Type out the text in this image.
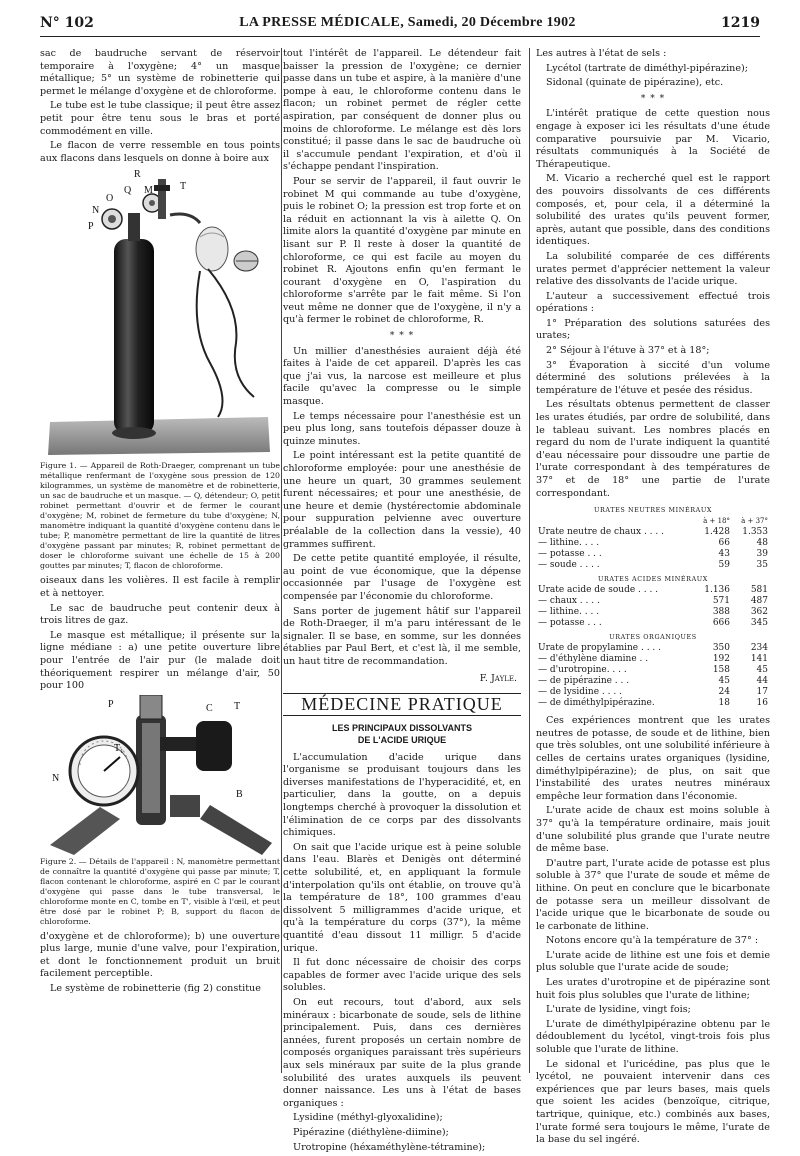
N° 102	LA PRESSE MÉDICALE, Samedi, 20 Décembre 1902	1219

sac de baudruche servant de réservoir temporaire à l'oxygène; 4° un masque métallique; 5° un système de robinetterie qui permet le mélange d'oxygène et de chloroforme.

Le tube est le tube classique; il peut être assez petit pour être tenu sous le bras et porté commodément en ville.

Le flacon de verre ressemble en tous points aux flacons dans lesquels on donne à boire aux

R
M
Q
O
T
N
P
Figure 1. — Appareil de Roth-Draeger, comprenant un tube métallique renfermant de l'oxygène sous pression de 120 kilogrammes, un système de manomètre et de robinetterie, un sac de baudruche et un masque. — Q, détendeur; O, petit robinet permettant d'ouvrir et de fermer le courant d'oxygène; M, robinet de fermeture du tube d'oxygène; N, manomètre indiquant la quantité d'oxygène contenu dans le tube; P, manomètre permettant de lire la quantité de litres d'oxygène passant par minutes; R, robinet permettant de doser le chloroforme suivant une échelle de 15 à 200 gouttes par minutes; T, flacon de chloroforme.

oiseaux dans les volières. Il est facile à remplir et à nettoyer.

Le sac de baudruche peut contenir deux à trois litres de gaz.

Le masque est métallique; il présente sur la ligne médiane : a) une petite ouverture libre pour l'entrée de l'air pur (le malade doit théoriquement respirer un mélange d'air, 50 pour 100

P	C T
T₁
N
B
Figure 2. — Détails de l'appareil : N, manomètre permettant de connaître la quantité d'oxygène qui passe par minute; T, flacon contenant le chloroforme, aspiré en C par le courant d'oxygène qui passe dans le tube transversal, le chloroforme monte en C, tombe en T', visible à l'œil, et peut être dosé par le robinet P; B, support du flacon de chloroforme.

d'oxygène et de chloroforme); b) une ouverture plus large, munie d'une valve, pour l'expiration, et dont le fonctionnement produit un bruit facilement perceptible.

Le système de robinetterie (fig 2) constitue

tout l'intérêt de l'appareil. Le détendeur fait baisser la pression de l'oxygène; ce dernier passe dans un tube et aspire, à la manière d'une pompe à eau, le chloroforme contenu dans le flacon; un robinet permet de régler cette aspiration, par conséquent de donner plus ou moins de chloroforme. Le mélange est dès lors constitué; il passe dans le sac de baudruche où il s'accumule pendant l'expiration, et d'où il s'échappe pendant l'inspiration.

Pour se servir de l'appareil, il faut ouvrir le robinet M qui commande au tube d'oxygène, puis le robinet O; la pression est trop forte et on la réduit en actionnant la vis à ailette Q. On limite alors la quantité d'oxygène par minute en lisant sur P. Il reste à doser la quantité de chloroforme, ce qui est facile au moyen du robinet R. Ajoutons enfin qu'en fermant le courant d'oxygène en O, l'aspiration du chloroforme s'arrête par le fait même. Si l'on veut même ne donner que de l'oxygène, il n'y a qu'à fermer le robinet de chloroforme, R.

* * *

Un millier d'anesthésies auraient déjà été faites à l'aide de cet appareil. D'après les cas que j'ai vus, la narcose est meilleure et plus facile qu'avec la compresse ou le simple masque.

Le temps nécessaire pour l'anesthésie est un peu plus long, sans toutefois dépasser douze à quinze minutes.

Le point intéressant est la petite quantité de chloroforme employée: pour une anesthésie de une heure un quart, 30 grammes seulement furent nécessaires; et pour une anesthésie, de une heure et demie (hystérectomie abdominale pour suppuration pelvienne avec ouverture préalable de la collection dans la vessie), 40 grammes suffirent.

De cette petite quantité employée, il résulte, au point de vue économique, que la dépense occasionnée par l'usage de l'oxygène est compensée par l'économie du chloroforme.

Sans porter de jugement hâtif sur l'appareil de Roth-Draeger, il m'a paru intéressant de le signaler. Il se base, en somme, sur les données établies par Paul Bert, et c'est là, il me semble, un haut titre de recommandation.

F. Jayle.
MÉDECINE PRATIQUE
LES PRINCIPAUX DISSOLVANTS
DE L'ACIDE URIQUE

L'accumulation d'acide urique dans l'organisme se produisant toujours dans les diverses manifestations de l'hyperacidité, et, en particulier, dans la goutte, on a depuis longtemps cherché à provoquer la dissolution et l'élimination de ce corps par des dissolvants chimiques.

On sait que l'acide urique est à peine soluble dans l'eau. Blarès et Denigès ont déterminé cette solubilité, et, en appliquant la formule d'interpolation qu'ils ont établie, on trouve qu'à la température de 18°, 100 grammes d'eau dissolvent 5 milligrammes d'acide urique, et qu'à la température du corps (37°), la même quantité d'eau dissout 11 milligr. 5 d'acide urique.

Il fut donc nécessaire de choisir des corps capables de former avec l'acide urique des sels solubles.

On eut recours, tout d'abord, aux sels minéraux : bicarbonate de soude, sels de lithine principalement. Puis, dans ces dernières années, furent proposés un certain nombre de composés organiques paraissant très supérieurs aux sels minéraux par suite de la plus grande solubilité des urates auxquels ils peuvent donner naissance. Les uns à l'état de bases organiques :

Lysidine (méthyl-glyoxalidine);

Pipérazine (diéthylène-diimine);

Urotropine (héxaméthylène-tétramine);

Les autres à l'état de sels :

Lycétol (tartrate de diméthyl-pipérazine);

Sidonal (quinate de pipérazine), etc.

* * *

L'intérêt pratique de cette question nous engage à exposer ici les résultats d'une étude comparative poursuivie par M. Vicario, résultats communiqués à la Société de Thérapeutique.

M. Vicario a recherché quel est le rapport des pouvoirs dissolvants de ces différents composés, et, pour cela, il a déterminé la solubilité des urates qu'ils peuvent former, après, autant que possible, dans des conditions identiques.

La solubilité comparée de ces différents urates permet d'apprécier nettement la valeur relative des dissolvants de l'acide urique.

L'auteur a successivement effectué trois opérations :

1° Préparation des solutions saturées des urates;

2° Séjour à l'étuve à 37° et à 18°;

3° Évaporation à siccité d'un volume déterminé des solutions prélevées à la température de l'étuve et pesée des résidus.

Les résultats obtenus permettent de classer les urates étudiés, par ordre de solubilité, dans le tableau suivant. Les nombres placés en regard du nom de l'urate indiquent la quantité d'eau nécessaire pour dissoudre une partie de l'urate correspondant à des températures de 37° et de 18° une partie de l'urate correspondant.

URATES NEUTRES MINÉRAUX		
	à + 18°	à + 37°
Urate neutre de chaux . . . .	1.428	1.353
— lithine. . . .	66	48
— potasse . . .	43	39
— soude . . . .	59	35
URATES ACIDES MINÉRAUX		
Urate acide de soude . . . .	1.136	581
— chaux . . . .	571	487
— lithine. . . .	388	362
— potasse . . .	666	345
URATES ORGANIQUES		
Urate de propylamine . . . .	350	234
— d'éthylène diamine . .	192	141
— d'urotropine. . . .	158	45
— de pipérazine . . .	45	44
— de lysidine . . . .	24	17
— de diméthylpipérazine.	18	16

Ces expériences montrent que les urates neutres de potasse, de soude et de lithine, bien que très solubles, ont une solubilité inférieure à celles de certains urates organiques (lysidine, diméthylpipérazine); de plus, on sait que l'instabilité des urates neutres minéraux empêche leur formation dans l'économie.

L'urate acide de chaux est moins soluble à 37° qu'à la température ordinaire, mais jouit d'une solubilité plus grande que l'urate neutre de même base.

D'autre part, l'urate acide de potasse est plus soluble à 37° que l'urate de soude et même de lithine. On peut en conclure que le bicarbonate de potasse sera un meilleur dissolvant de l'acide urique que le bicarbonate de soude ou le carbonate de lithine.

Notons encore qu'à la température de 37° :

L'urate acide de lithine est une fois et demie plus soluble que l'urate acide de soude;

Les urates d'urotropine et de pipérazine sont huit fois plus solubles que l'urate de lithine;

L'urate de lysidine, vingt fois;

L'urate de diméthylpipérazine obtenu par le dédoublement du lycétol, vingt-trois fois plus soluble que l'urate de lithine.

Le sidonal et l'uricédine, pas plus que le lycétol, ne pouvaient intervenir dans ces expériences que par leurs bases, mais quels que soient les acides (benzoïque, citrique, tartrique, quinique, etc.) combinés aux bases, l'urate formé sera toujours le même, l'urate de la base du sel ingéré.
